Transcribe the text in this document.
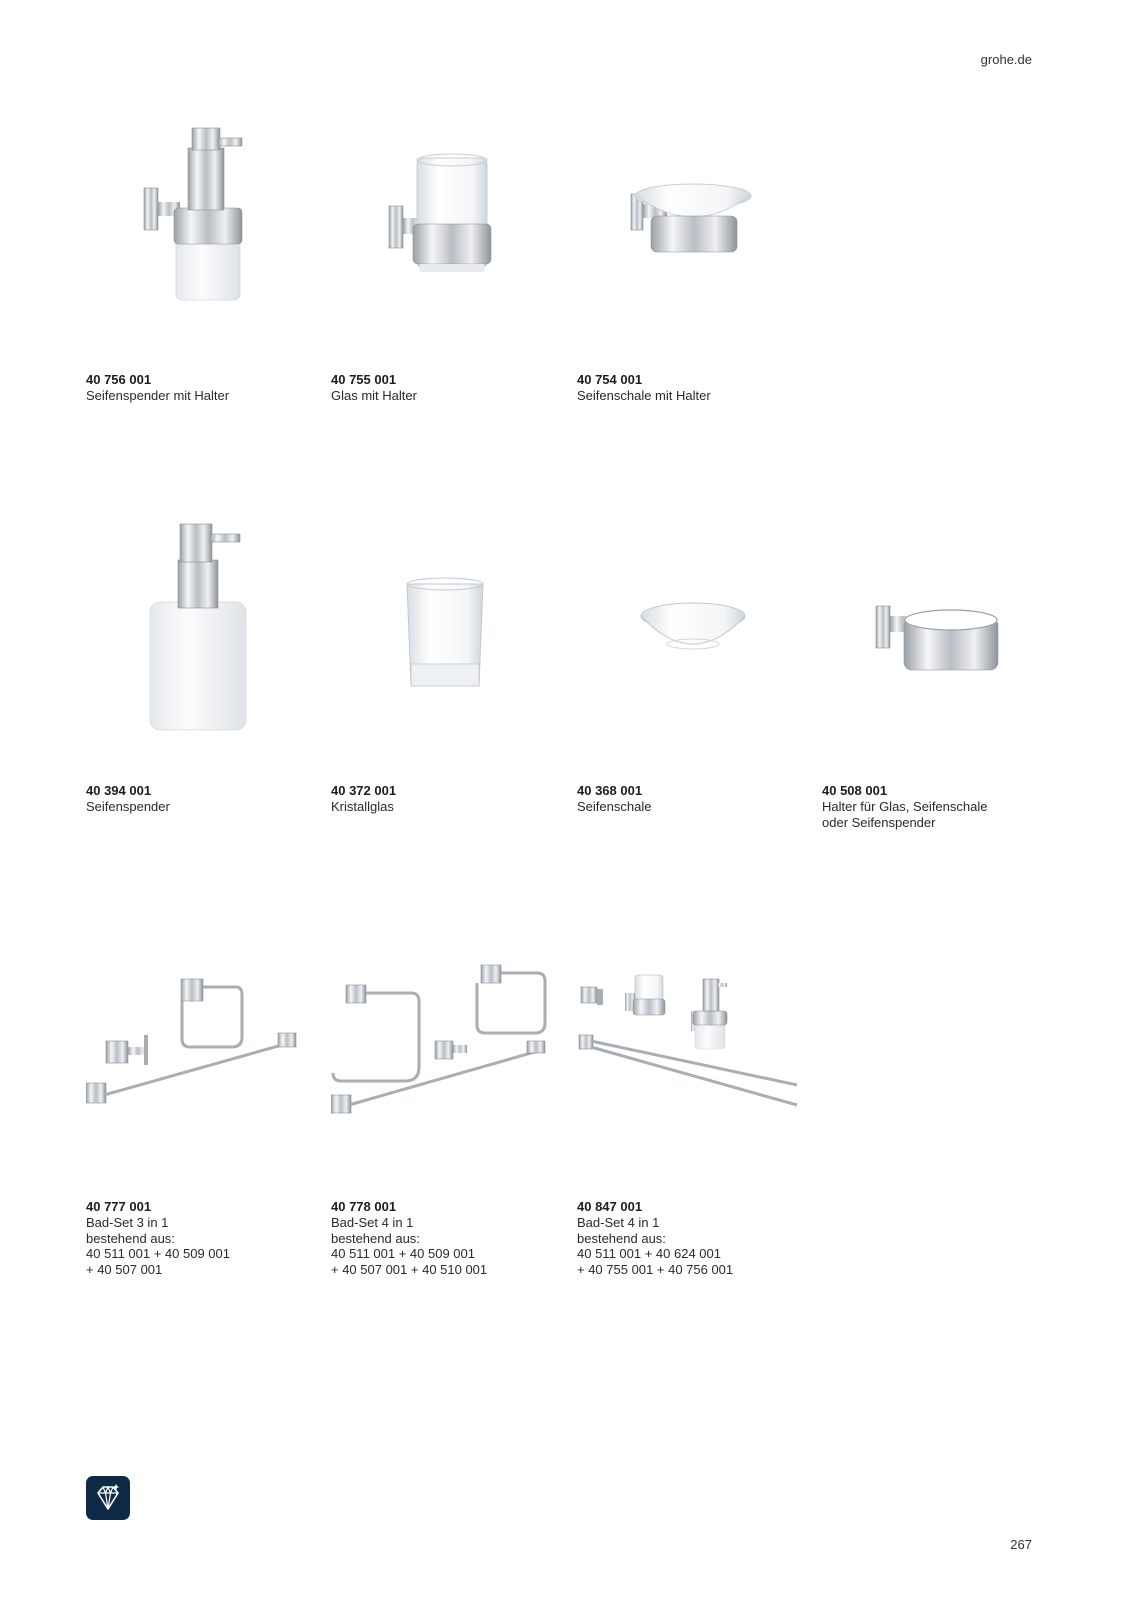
grohe.de
40 756 001
Seifenspender mit Halter
40 755 001
Glas mit Halter
40 754 001
Seifenschale mit Halter
40 394 001
Seifenspender
40 372 001
Kristallglas
40 368 001
Seifenschale
40 508 001
Halter für Glas, Seifenschale
oder Seifenspender
40 777 001
Bad-Set 3 in 1
bestehend aus:
40 511 001 + 40 509 001
+ 40 507 001
40 778 001
Bad-Set 4 in 1
bestehend aus:
40 511 001 + 40 509 001
+ 40 507 001 + 40 510 001
40 847 001
Bad-Set 4 in 1
bestehend aus:
40 511 001 + 40 624 001
+ 40 755 001 + 40 756 001
267
